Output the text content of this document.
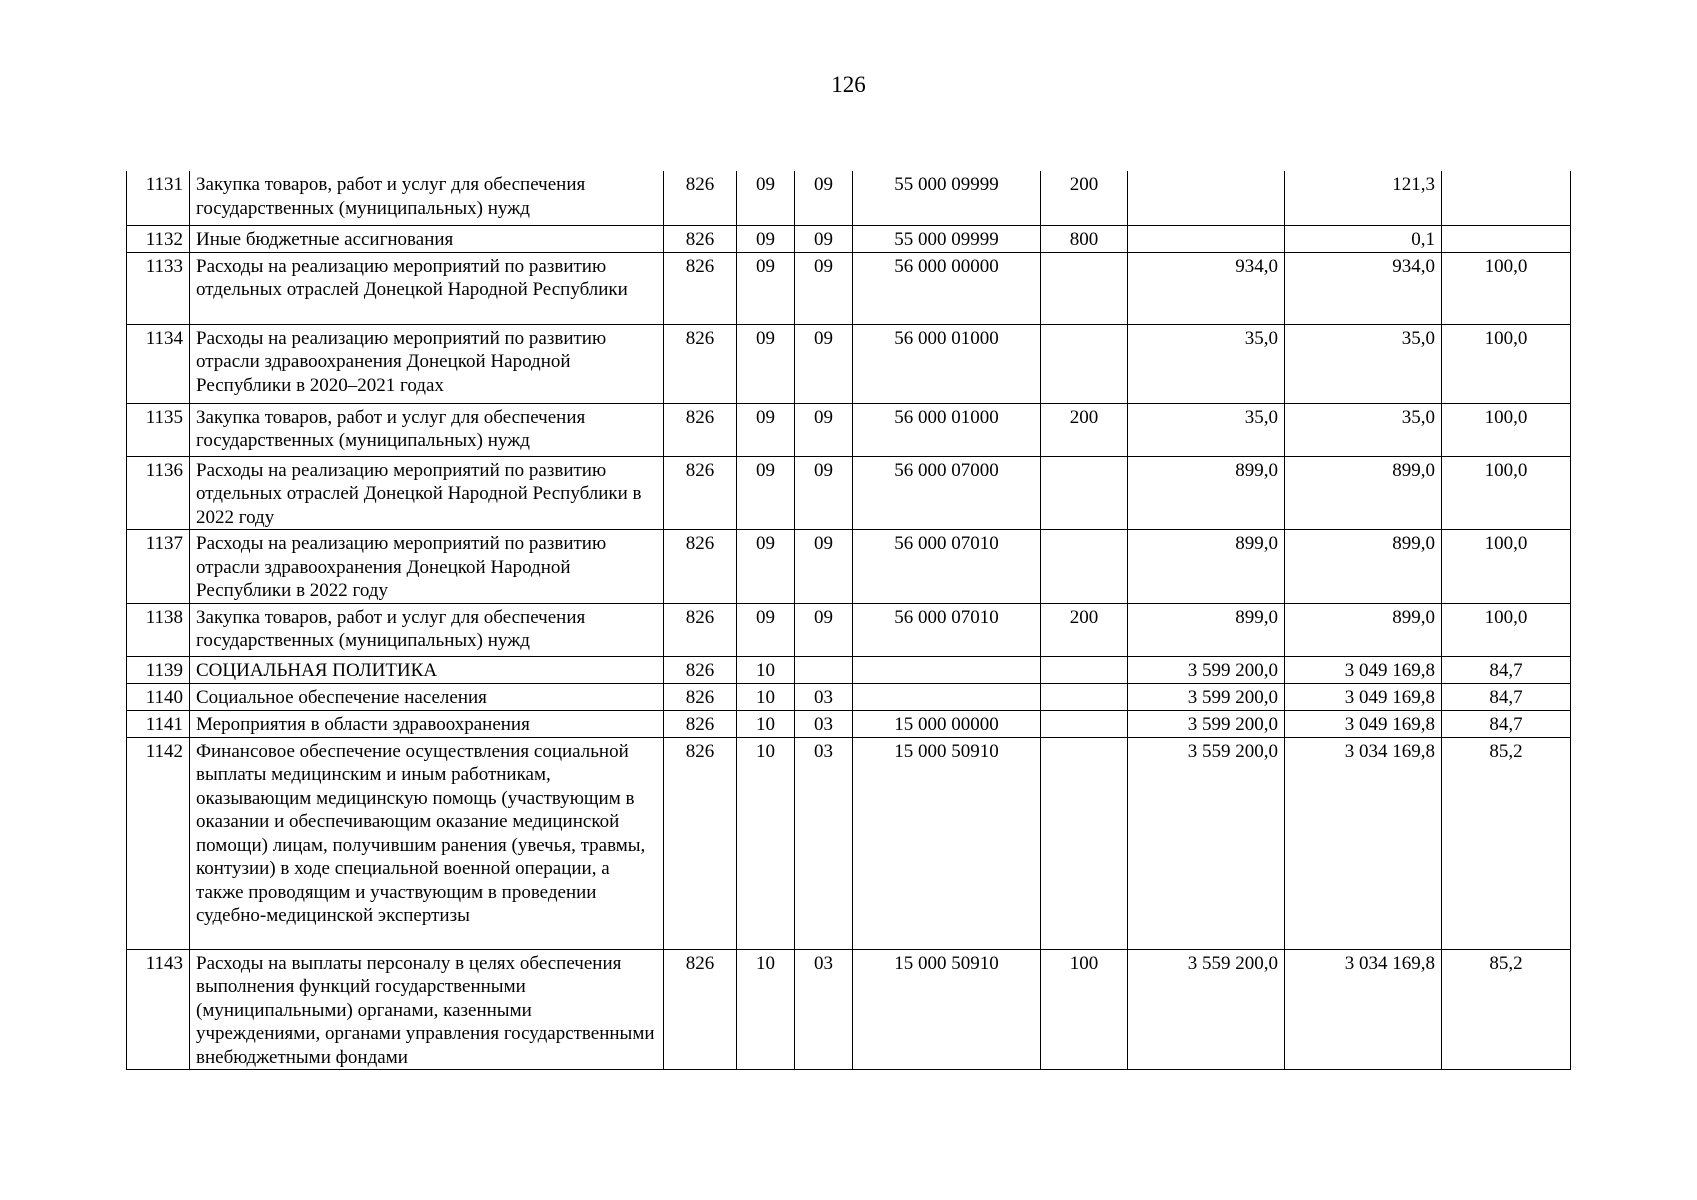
126
1131	Закупка товаров, работ и услуг для обеспечения государственных (муниципальных) нужд	826	09	09	55 000 09999	200		121,3	
1132	Иные бюджетные ассигнования	826	09	09	55 000 09999	800		0,1	
1133	Расходы на реализацию мероприятий по развитию отдельных отраслей Донецкой Народной Республики	826	09	09	56 000 00000		934,0	934,0	100,0
1134	Расходы на реализацию мероприятий по развитию отрасли здравоохранения Донецкой Народной Республики в 2020–2021 годах	826	09	09	56 000 01000		35,0	35,0	100,0
1135	Закупка товаров, работ и услуг для обеспечения государственных (муниципальных) нужд	826	09	09	56 000 01000	200	35,0	35,0	100,0
1136	Расходы на реализацию мероприятий по развитию отдельных отраслей Донецкой Народной Республики в 2022 году	826	09	09	56 000 07000		899,0	899,0	100,0
1137	Расходы на реализацию мероприятий по развитию отрасли здравоохранения Донецкой Народной Республики в 2022 году	826	09	09	56 000 07010		899,0	899,0	100,0
1138	Закупка товаров, работ и услуг для обеспечения государственных (муниципальных) нужд	826	09	09	56 000 07010	200	899,0	899,0	100,0
1139	СОЦИАЛЬНАЯ ПОЛИТИКА	826	10				3 599 200,0	3 049 169,8	84,7
1140	Социальное обеспечение населения	826	10	03			3 599 200,0	3 049 169,8	84,7
1141	Мероприятия в области здравоохранения	826	10	03	15 000 00000		3 599 200,0	3 049 169,8	84,7
1142	Финансовое обеспечение осуществления социальной выплаты медицинским и иным работникам, оказывающим медицинскую помощь (участвующим в оказании и обеспечивающим оказание медицинской помощи) лицам, получившим ранения (увечья, травмы, контузии) в ходе специальной военной операции, а также проводящим и участвующим в проведении судебно-медицинской экспертизы	826	10	03	15 000 50910		3 559 200,0	3 034 169,8	85,2
1143	Расходы на выплаты персоналу в целях обеспечения выполнения функций государственными (муниципальными) органами, казенными учреждениями, органами управления государственными внебюджетными фондами	826	10	03	15 000 50910	100	3 559 200,0	3 034 169,8	85,2
